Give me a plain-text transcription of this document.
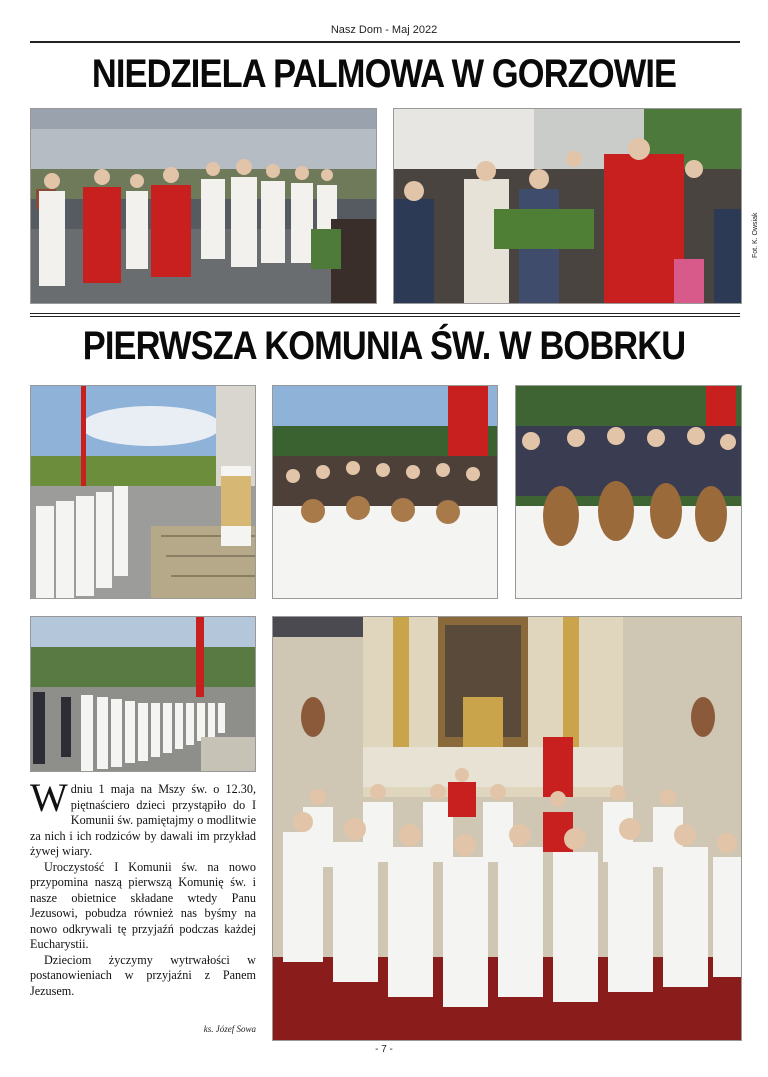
Nasz Dom - Maj 2022
NIEDZIELA PALMOWA W GORZOWIE
Fot. K. Owsiak
PIERWSZA KOMUNIA ŚW. W BOBRKU

Wdniu 1 maja na Mszy św. o 12.30, piętnaściero dzieci przystąpiło do I Komunii św. pamiętajmy o modlitwie za nich i ich rodziców by dawali im przykład żywej wiary.

Uroczystość I Komunii św. na nowo przypomina naszą pierwszą Komunię św. i nasze obietnice składane wtedy Panu Jezusowi, pobudza również nas byśmy na nowo odkrywali tę przyjaźń podczas każdej Eucharystii.

Dzieciom życzymy wytrwałości w postanowieniach w przyjaźni z Panem Jezusem.

ks. Józef Sowa
- 7 -
